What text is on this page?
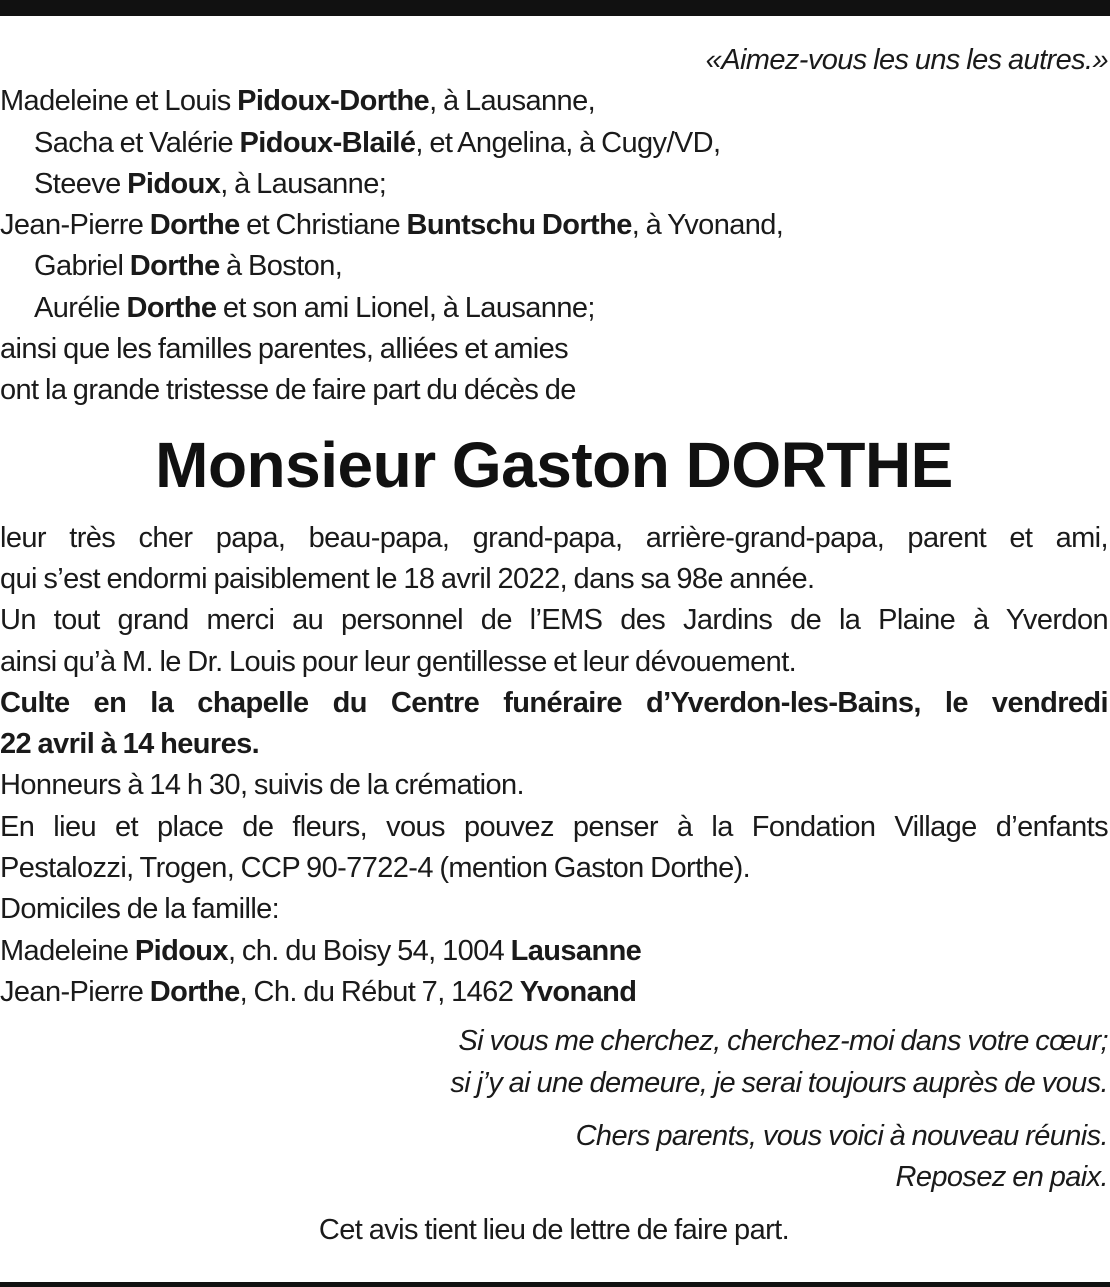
«Aimez-vous les uns les autres.»
Madeleine et Louis Pidoux-Dorthe, à Lausanne,
Sacha et Valérie Pidoux-Blailé, et Angelina, à Cugy/VD,
Steeve Pidoux, à Lausanne;
Jean-Pierre Dorthe et Christiane Buntschu Dorthe, à Yvonand,
Gabriel Dorthe à Boston,
Aurélie Dorthe et son ami Lionel, à Lausanne;
ainsi que les familles parentes, alliées et amies
ont la grande tristesse de faire part du décès de
Monsieur Gaston DORTHE
leur très cher papa, beau-papa, grand-papa, arrière-grand-papa, parent et ami,
qui s’est endormi paisiblement le 18 avril 2022, dans sa 98e année.
Un tout grand merci au personnel de l’EMS des Jardins de la Plaine à Yverdon
ainsi qu’à M. le Dr. Louis pour leur gentillesse et leur dévouement.
Culte en la chapelle du Centre funéraire d’Yverdon-les-Bains, le vendredi
22 avril à 14 heures.
Honneurs à 14 h 30, suivis de la crémation.
En lieu et place de fleurs, vous pouvez penser à la Fondation Village d’enfants
Pestalozzi, Trogen, CCP 90-7722-4 (mention Gaston Dorthe).
Domiciles de la famille:
Madeleine Pidoux, ch. du Boisy 54, 1004 Lausanne
Jean-Pierre Dorthe, Ch. du Rébut 7, 1462 Yvonand
Si vous me cherchez, cherchez-moi dans votre cœur;
si j’y ai une demeure, je serai toujours auprès de vous.
Chers parents, vous voici à nouveau réunis.
Reposez en paix.
Cet avis tient lieu de lettre de faire part.
